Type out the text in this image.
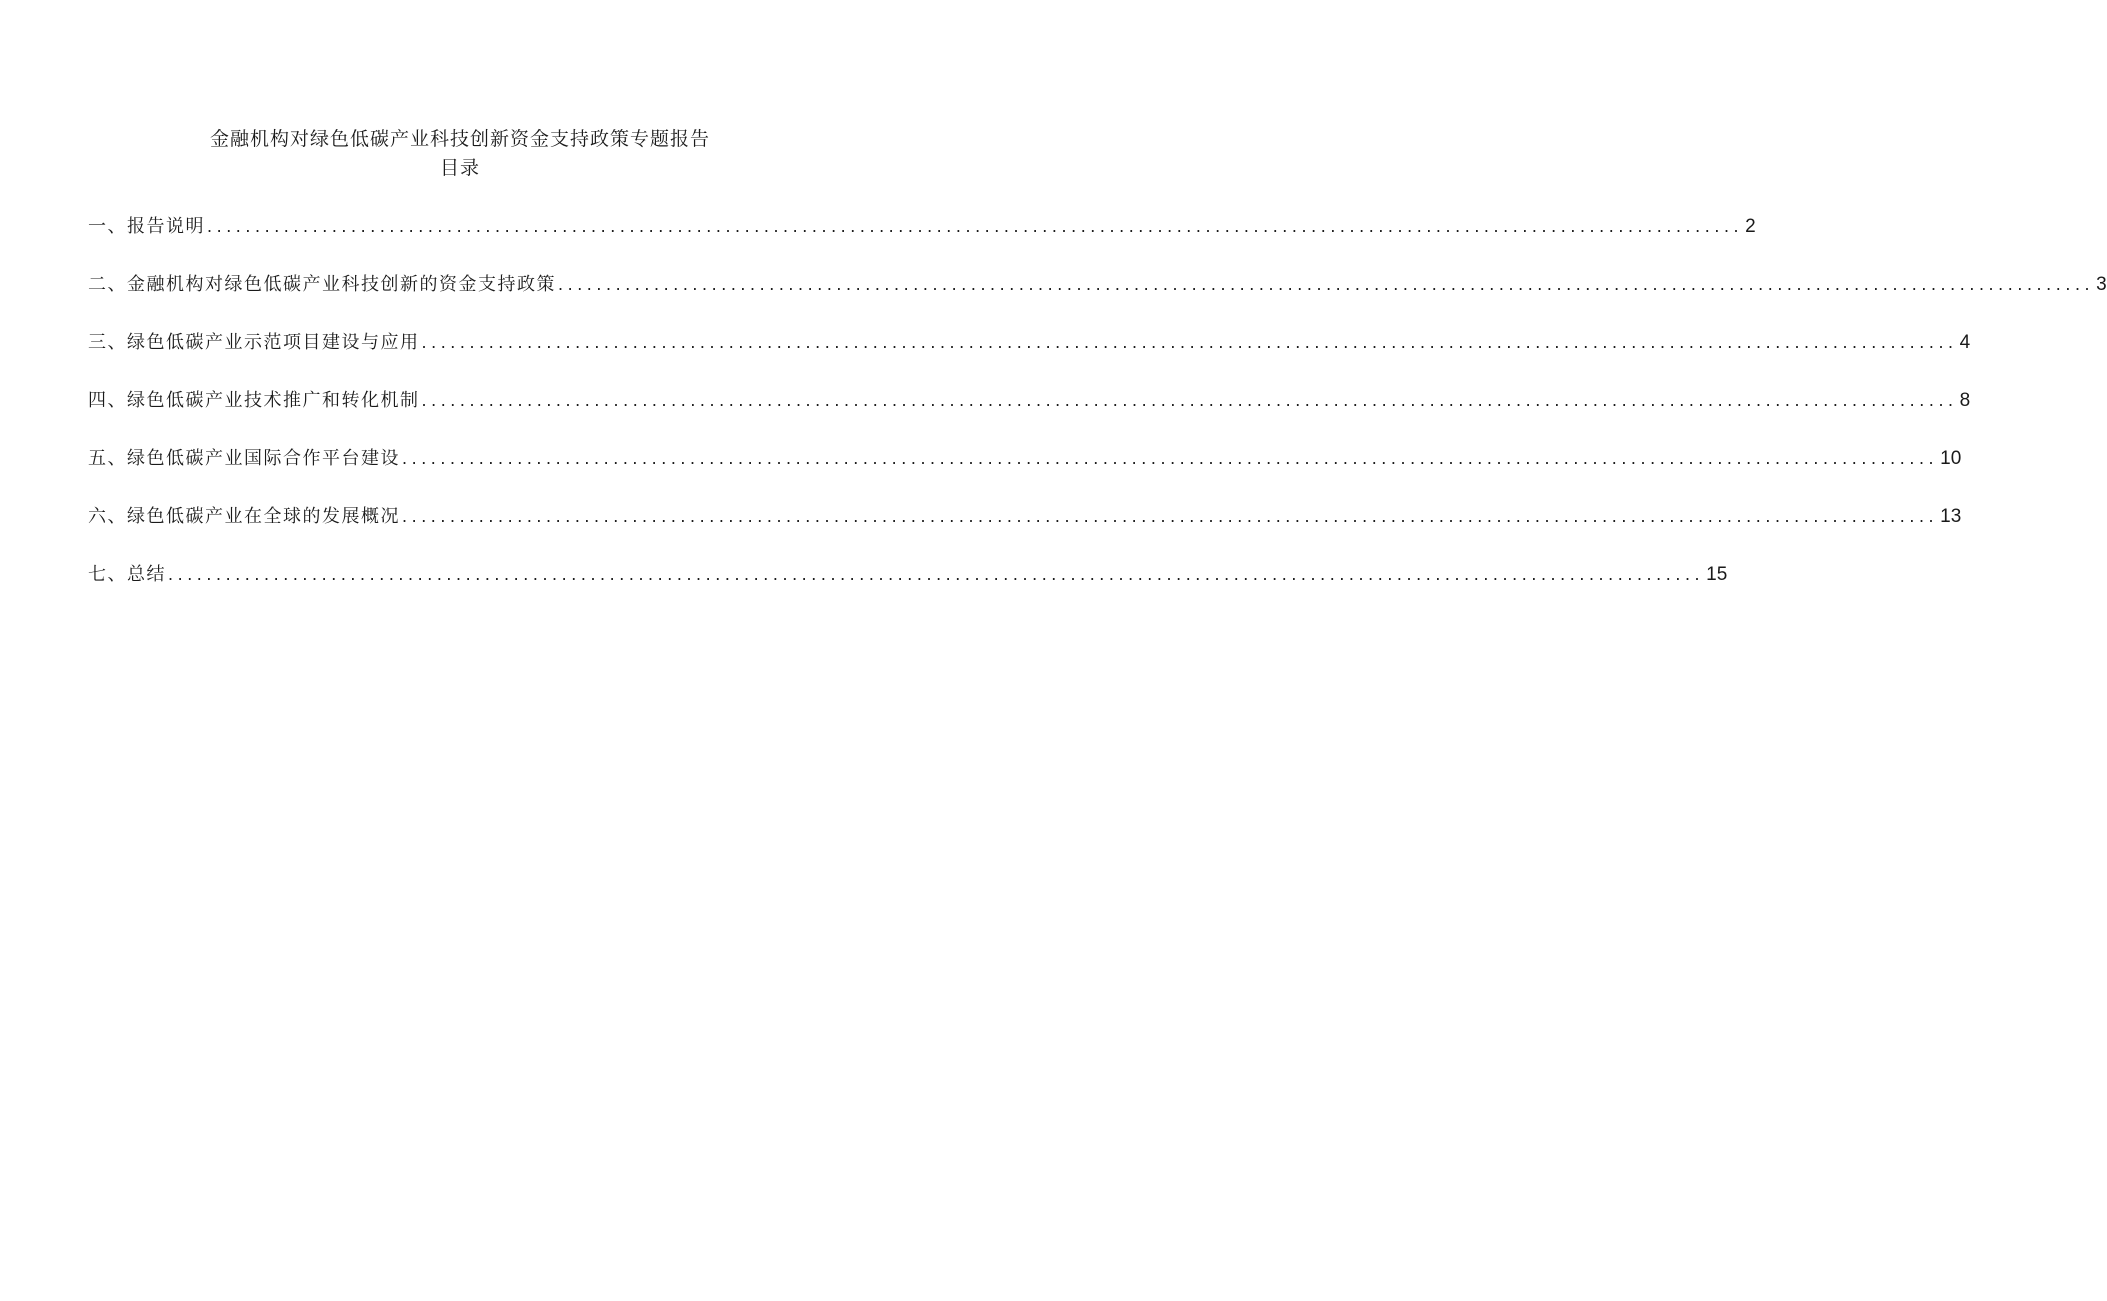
金融机构对绿色低碳产业科技创新资金支持政策专题报告
目录
一、报告说明 ................................................................................................................................................................ 2
二、金融机构对绿色低碳产业科技创新的资金支持政策 ................................................................................................................................................................ 3
三、绿色低碳产业示范项目建设与应用 ................................................................................................................................................................ 4
四、绿色低碳产业技术推广和转化机制 ................................................................................................................................................................ 8
五、绿色低碳产业国际合作平台建设 ................................................................................................................................................................ 10
六、绿色低碳产业在全球的发展概况 ................................................................................................................................................................ 13
七、总结 ................................................................................................................................................................ 15
